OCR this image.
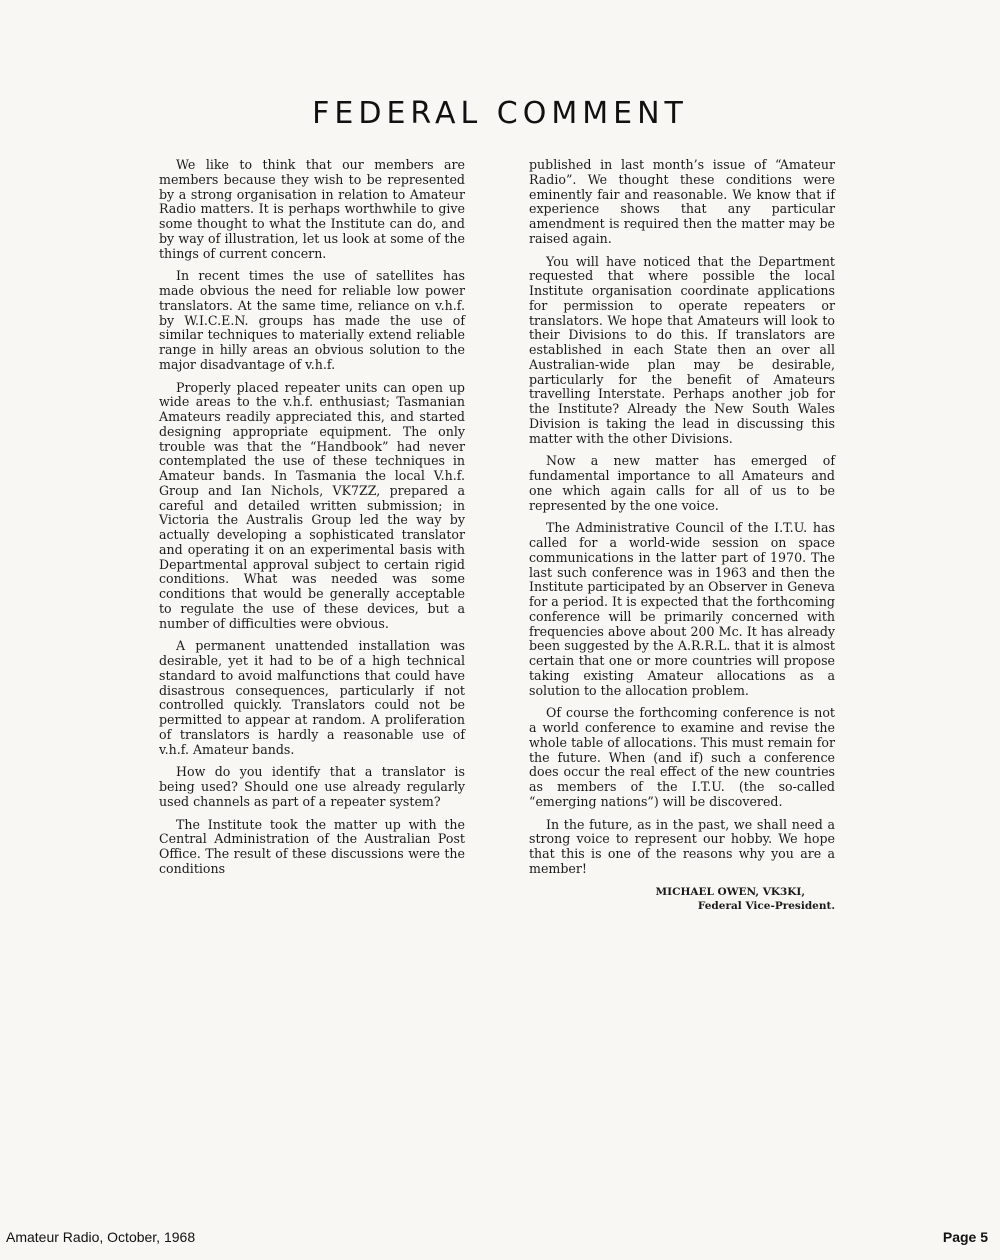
FEDERAL COMMENT

We like to think that our members are members because they wish to be represented by a strong organisation in relation to Amateur Radio matters. It is perhaps worthwhile to give some thought to what the Institute can do, and by way of illustration, let us look at some of the things of current concern.

In recent times the use of satellites has made obvious the need for reliable low power translators. At the same time, reliance on v.h.f. by W.I.C.E.N. groups has made the use of similar techniques to materially extend reliable range in hilly areas an obvious solution to the major disadvantage of v.h.f.

Properly placed repeater units can open up wide areas to the v.h.f. enthusiast; Tasmanian Amateurs readily appreciated this, and started designing appropriate equipment. The only trouble was that the “Handbook” had never contemplated the use of these techniques in Amateur bands. In Tasmania the local V.h.f. Group and Ian Nichols, VK7ZZ, prepared a careful and detailed written submission; in Victoria the Australis Group led the way by actually developing a sophisticated translator and operating it on an experimental basis with Departmental approval subject to certain rigid conditions. What was needed was some conditions that would be generally acceptable to regulate the use of these devices, but a number of difficulties were obvious.

A permanent unattended installation was desirable, yet it had to be of a high technical standard to avoid malfunctions that could have disastrous consequences, particularly if not controlled quickly. Translators could not be permitted to appear at random. A proliferation of translators is hardly a reasonable use of v.h.f. Amateur bands.

How do you identify that a translator is being used? Should one use already regularly used channels as part of a repeater system?

The Institute took the matter up with the Central Administration of the Australian Post Office. The result of these discussions were the conditions

published in last month’s issue of “Amateur Radio”. We thought these conditions were eminently fair and reasonable. We know that if experience shows that any particular amendment is required then the matter may be raised again.

You will have noticed that the Department requested that where possible the local Institute organisation coordinate applications for permission to operate repeaters or translators. We hope that Amateurs will look to their Divisions to do this. If translators are established in each State then an over all Australian-wide plan may be desirable, particularly for the benefit of Amateurs travelling Interstate. Perhaps another job for the Institute? Already the New South Wales Division is taking the lead in discussing this matter with the other Divisions.

Now a new matter has emerged of fundamental importance to all Amateurs and one which again calls for all of us to be represented by the one voice.

The Administrative Council of the I.T.U. has called for a world-wide session on space communications in the latter part of 1970. The last such conference was in 1963 and then the Institute participated by an Observer in Geneva for a period. It is expected that the forthcoming conference will be primarily concerned with frequencies above about 200 Mc. It has already been suggested by the A.R.R.L. that it is almost certain that one or more countries will propose taking existing Amateur allocations as a solution to the allocation problem.

Of course the forthcoming conference is not a world conference to examine and revise the whole table of allocations. This must remain for the future. When (and if) such a conference does occur the real effect of the new countries as members of the I.T.U. (the so-called “emerging nations”) will be discovered.

In the future, as in the past, we shall need a strong voice to represent our hobby. We hope that this is one of the reasons why you are a member!

MICHAEL OWEN, VK3KI,
Federal Vice-President.
Amateur Radio, October, 1968	Page 5
